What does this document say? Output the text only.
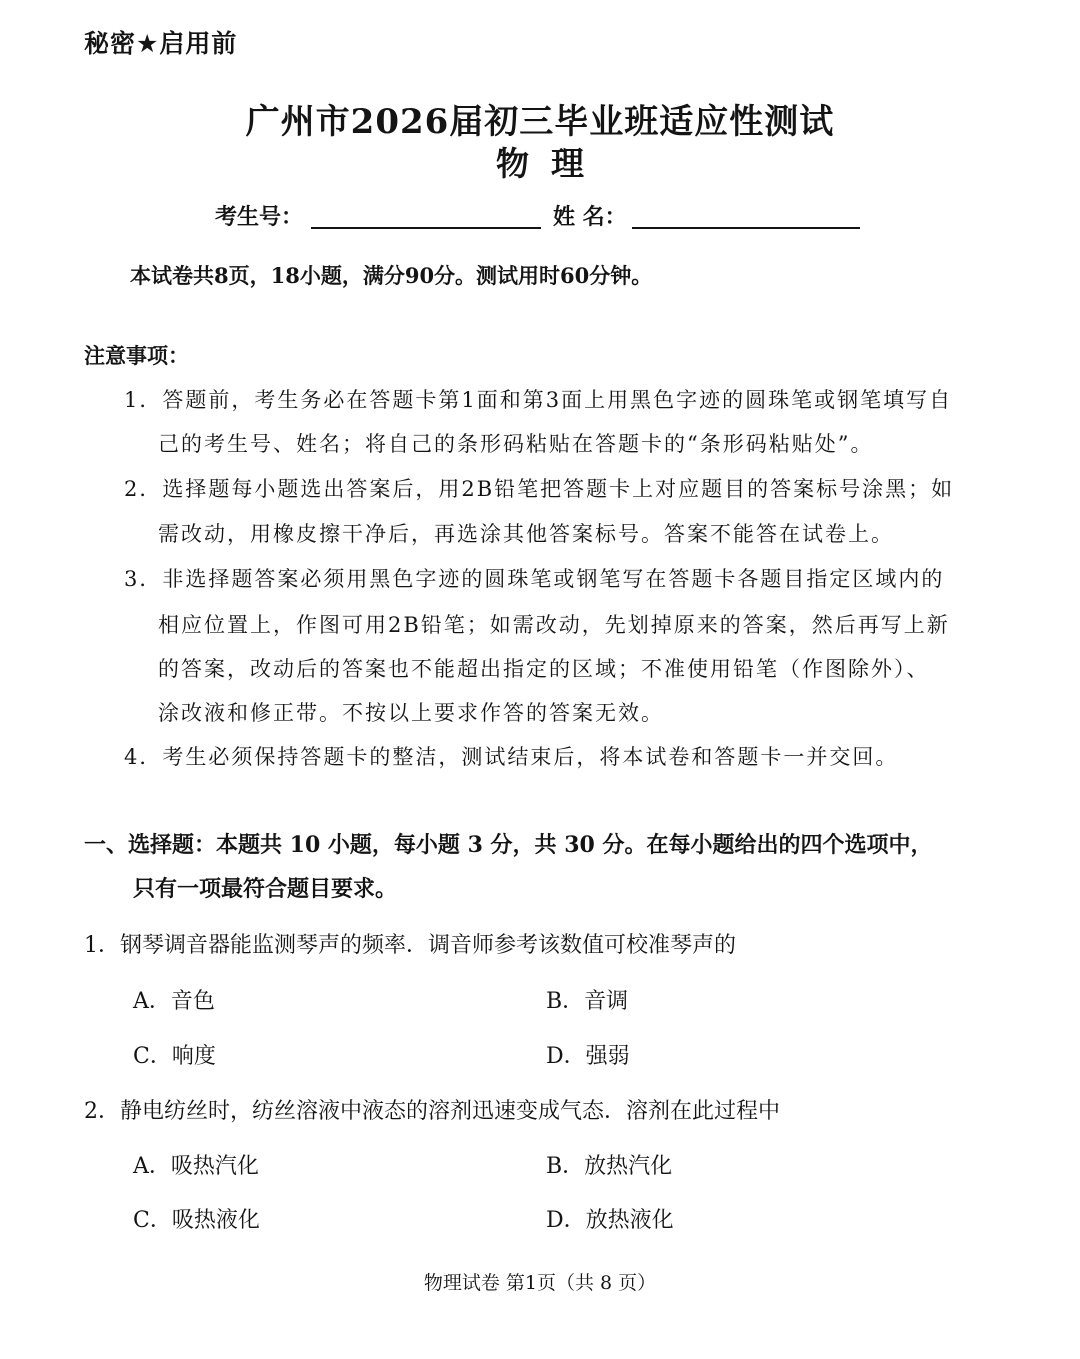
秘密★启用前
广州市2026届初三毕业班适应性测试
物理
考生号：	姓 名：
本试卷共8页，18小题，满分90分。测试用时60分钟。
注意事项：
1．答题前，考生务必在答题卡第1面和第3面上用黑色字迹的圆珠笔或钢笔填写自
己的考生号、姓名；将自己的条形码粘贴在答题卡的“条形码粘贴处”。
2．选择题每小题选出答案后，用2B铅笔把答题卡上对应题目的答案标号涂黑；如
需改动，用橡皮擦干净后，再选涂其他答案标号。答案不能答在试卷上。
3．非选择题答案必须用黑色字迹的圆珠笔或钢笔写在答题卡各题目指定区域内的
相应位置上，作图可用2B铅笔；如需改动，先划掉原来的答案，然后再写上新
的答案，改动后的答案也不能超出指定的区域；不准使用铅笔（作图除外）、
涂改液和修正带。不按以上要求作答的答案无效。
4．考生必须保持答题卡的整洁，测试结束后，将本试卷和答题卡一并交回。
一、选择题：本题共 10 小题，每小题 3 分，共 30 分。在每小题给出的四个选项中，
只有一项最符合题目要求。
1．钢琴调音器能监测琴声的频率．调音师参考该数值可校准琴声的
A．音色	B．音调
C．响度	D．强弱
2．静电纺丝时，纺丝溶液中液态的溶剂迅速变成气态．溶剂在此过程中
A．吸热汽化	B．放热汽化
C．吸热液化	D．放热液化
物理试卷 第1页（共 8 页）
